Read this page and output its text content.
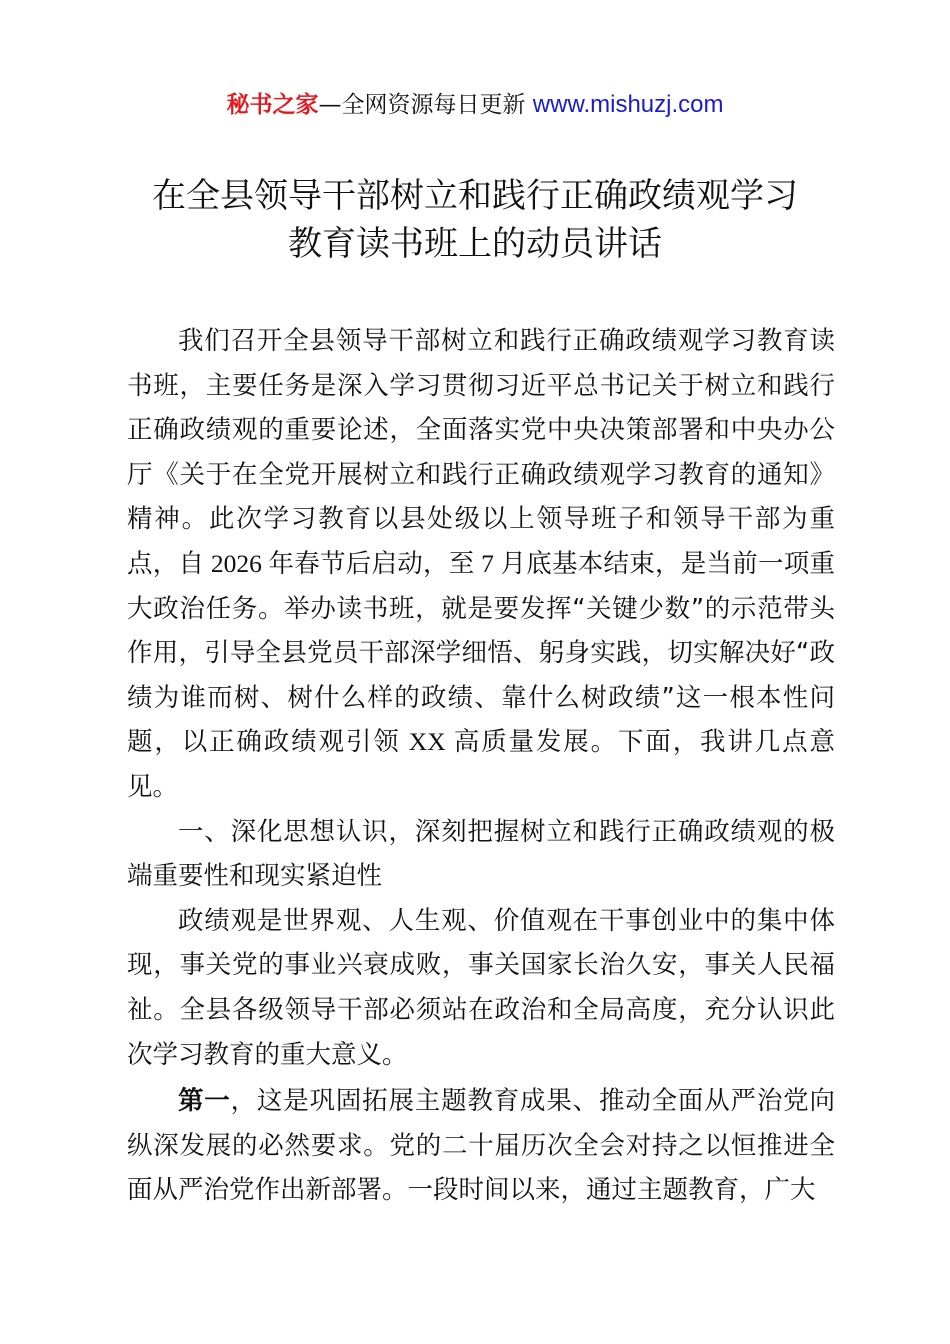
秘书之家—全网资源每日更新 www.mishuzj.com
在全县领导干部树立和践行正确政绩观学习
教育读书班上的动员讲话

我们召开全县领导干部树立和践行正确政绩观学习教育读书班，主要任务是深入学习贯彻习近平总书记关于树立和践行正确政绩观的重要论述，全面落实党中央决策部署和中央办公厅《关于在全党开展树立和践行正确政绩观学习教育的通知》精神。此次学习教育以县处级以上领导班子和领导干部为重点，自 2026 年春节后启动，至 7 月底基本结束，是当前一项重大政治任务。举办读书班，就是要发挥“关键少数”的示范带头作用，引导全县党员干部深学细悟、躬身实践，切实解决好“政绩为谁而树、树什么样的政绩、靠什么树政绩”这一根本性问题，以正确政绩观引领 XX 高质量发展。下面，我讲几点意见。

一、深化思想认识，深刻把握树立和践行正确政绩观的极端重要性和现实紧迫性

政绩观是世界观、人生观、价值观在干事创业中的集中体现，事关党的事业兴衰成败，事关国家长治久安，事关人民福祉。全县各级领导干部必须站在政治和全局高度，充分认识此次学习教育的重大意义。

第一，这是巩固拓展主题教育成果、推动全面从严治党向纵深发展的必然要求。党的二十届历次全会对持之以恒推进全面从严治党作出新部署。一段时间以来，通过主题教育，广大
